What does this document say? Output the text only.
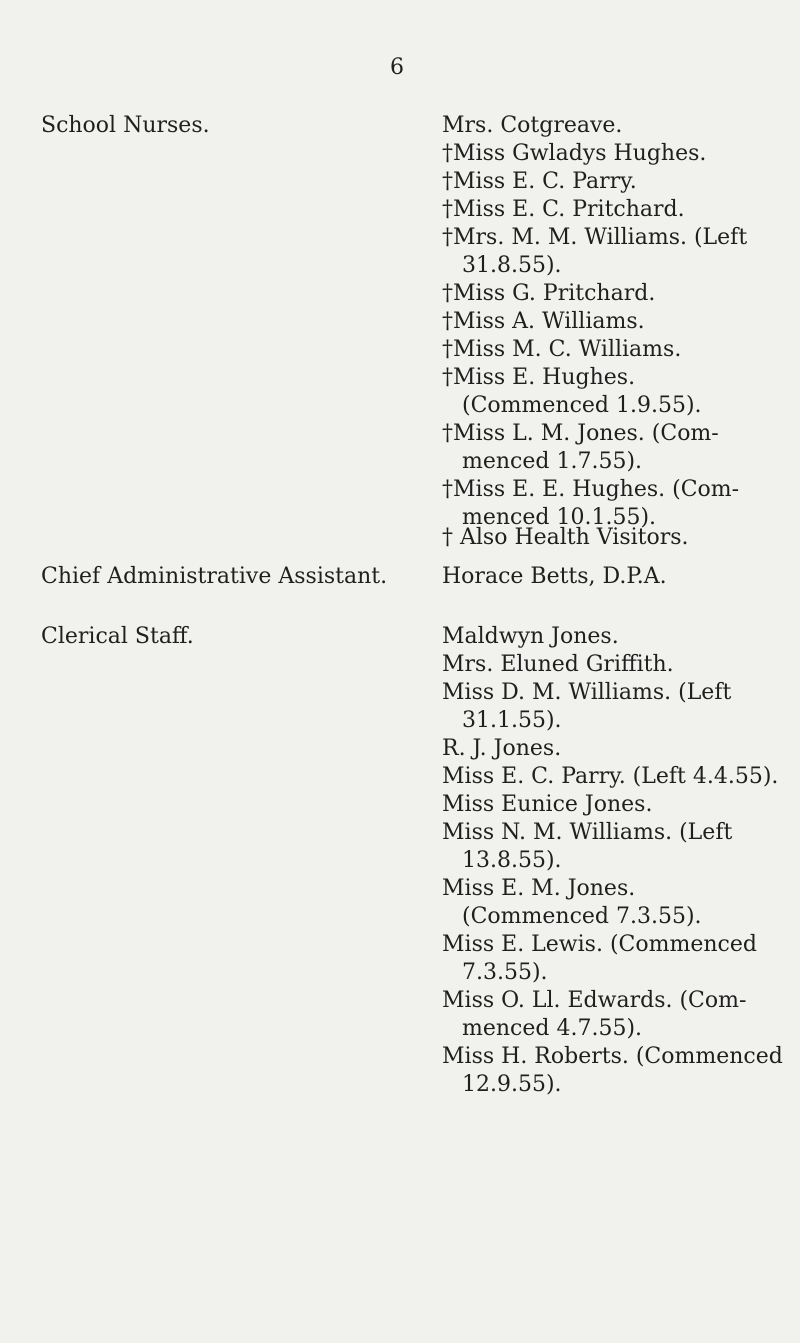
6
School Nurses.	Mrs. Cotgreave.
†Miss Gwladys Hughes.
†Miss E. C. Parry.
†Miss E. C. Pritchard.
†Mrs. M. M. Williams. (Left 31.8.55).
†Miss G. Pritchard.
†Miss A. Williams.
†Miss M. C. Williams.
†Miss E. Hughes. (Commenced 1.9.55).
†Miss L. M. Jones. (Com- menced 1.7.55).
†Miss E. E. Hughes. (Com- menced 10.1.55).
† Also Health Visitors.
Chief Administrative Assistant.	Horace Betts, D.P.A.
Clerical Staff.	Maldwyn Jones.
Mrs. Eluned Griffith.
Miss D. M. Williams. (Left 31.1.55).
R. J. Jones.
Miss E. C. Parry. (Left 4.4.55).
Miss Eunice Jones.
Miss N. M. Williams. (Left 13.8.55).
Miss E. M. Jones. (Commenced 7.3.55).
Miss E. Lewis. (Commenced 7.3.55).
Miss O. Ll. Edwards. (Com- menced 4.7.55).
Miss H. Roberts. (Commenced 12.9.55).
